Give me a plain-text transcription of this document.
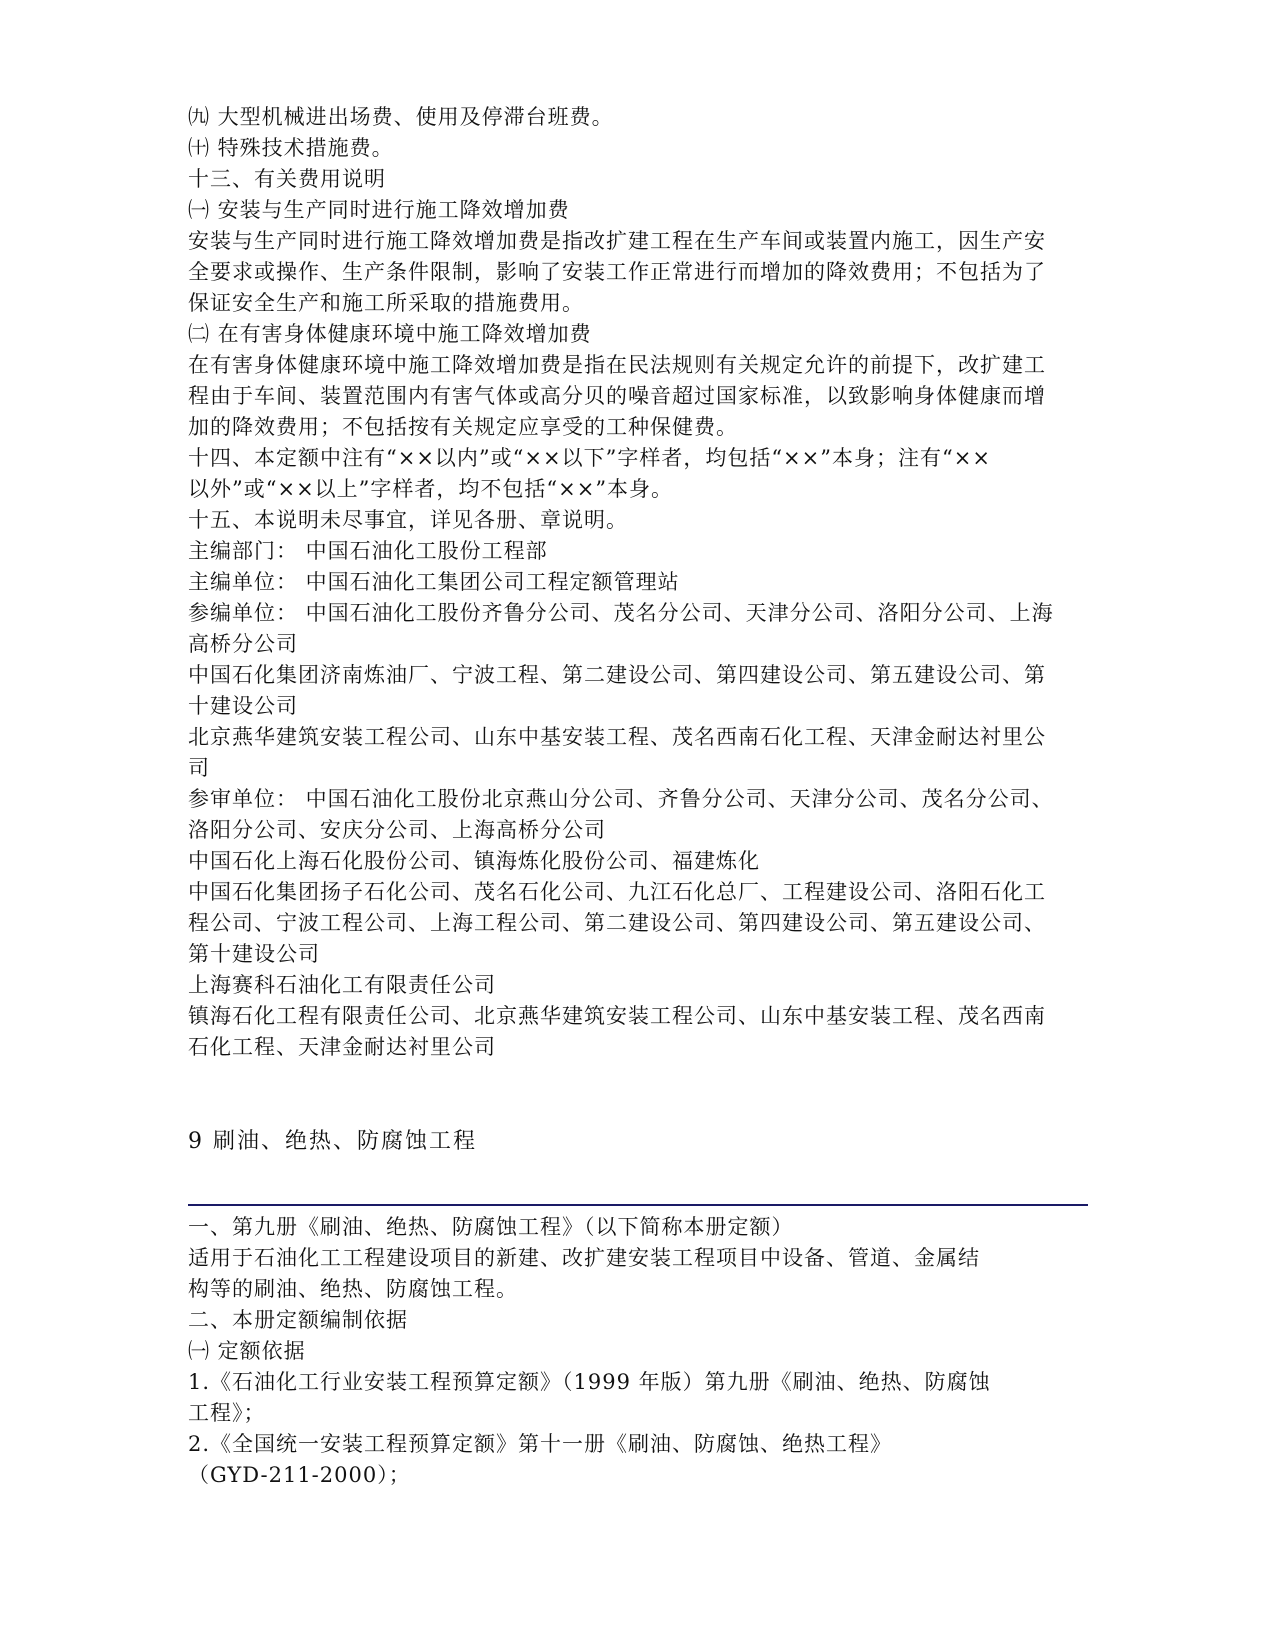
㈨ 大型机械进出场费、使用及停滞台班费。
㈩ 特殊技术措施费。
十三、有关费用说明
㈠ 安装与生产同时进行施工降效增加费
安装与生产同时进行施工降效增加费是指改扩建工程在生产车间或装置内施工，因生产安
全要求或操作、生产条件限制，影响了安装工作正常进行而增加的降效费用；不包括为了
保证安全生产和施工所采取的措施费用。
㈡ 在有害身体健康环境中施工降效增加费
在有害身体健康环境中施工降效增加费是指在民法规则有关规定允许的前提下，改扩建工
程由于车间、装置范围内有害气体或高分贝的噪音超过国家标准，以致影响身体健康而增
加的降效费用；不包括按有关规定应享受的工种保健费。
十四、本定额中注有“××以内”或“××以下”字样者，均包括“××”本身；注有“××
以外”或“××以上”字样者，均不包括“××”本身。
十五、本说明未尽事宜，详见各册、章说明。
主编部门： 中国石油化工股份工程部
主编单位： 中国石油化工集团公司工程定额管理站
参编单位： 中国石油化工股份齐鲁分公司、茂名分公司、天津分公司、洛阳分公司、上海
高桥分公司
中国石化集团济南炼油厂、宁波工程、第二建设公司、第四建设公司、第五建设公司、第
十建设公司
北京燕华建筑安装工程公司、山东中基安装工程、茂名西南石化工程、天津金耐达衬里公
司
参审单位： 中国石油化工股份北京燕山分公司、齐鲁分公司、天津分公司、茂名分公司、
洛阳分公司、安庆分公司、上海高桥分公司
中国石化上海石化股份公司、镇海炼化股份公司、福建炼化
中国石化集团扬子石化公司、茂名石化公司、九江石化总厂、工程建设公司、洛阳石化工
程公司、宁波工程公司、上海工程公司、第二建设公司、第四建设公司、第五建设公司、
第十建设公司
上海赛科石油化工有限责任公司
镇海石化工程有限责任公司、北京燕华建筑安装工程公司、山东中基安装工程、茂名西南
石化工程、天津金耐达衬里公司
9 刷油、绝热、防腐蚀工程
一、第九册《刷油、绝热、防腐蚀工程》（以下简称本册定额）
适用于石油化工工程建设项目的新建、改扩建安装工程项目中设备、管道、金属结
构等的刷油、绝热、防腐蚀工程。
二、本册定额编制依据
㈠ 定额依据
1.《石油化工行业安装工程预算定额》（1999 年版）第九册《刷油、绝热、防腐蚀
工程》；
2.《全国统一安装工程预算定额》第十一册《刷油、防腐蚀、绝热工程》
（GYD-211-2000）；
